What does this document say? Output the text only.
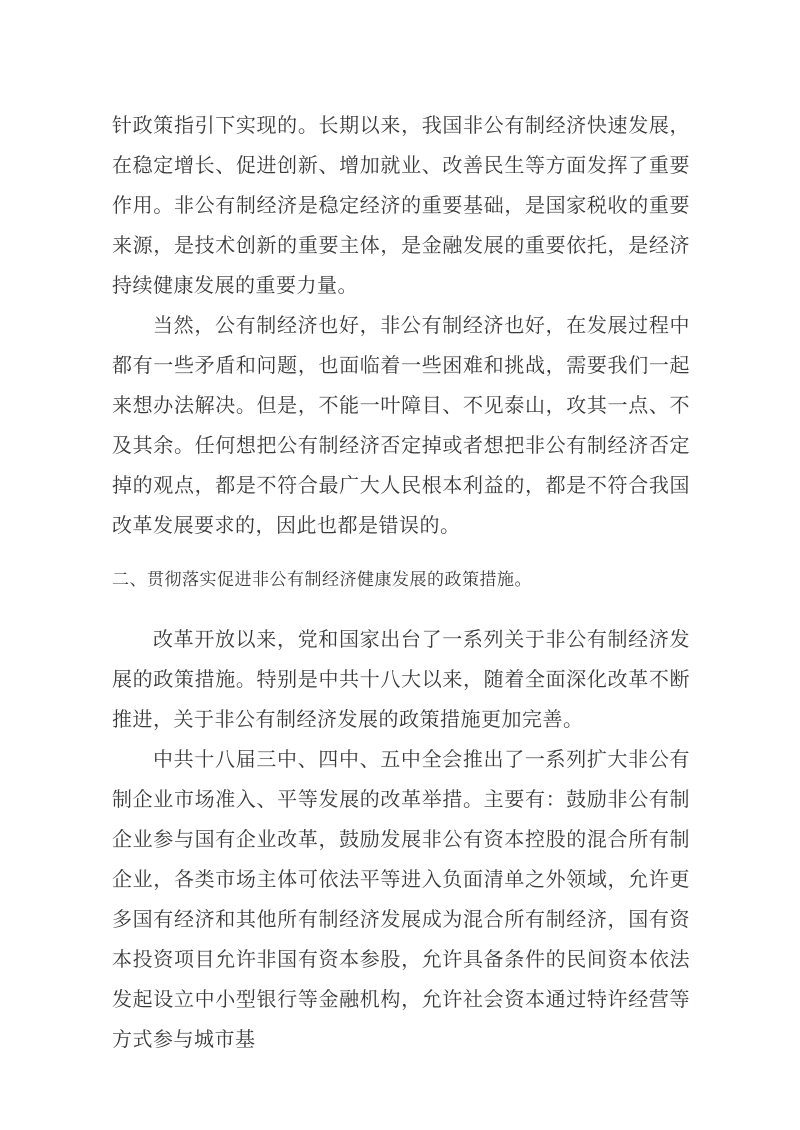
针政策指引下实现的。长期以来，我国非公有制经济快速发展，在稳定增长、促进创新、增加就业、改善民生等方面发挥了重要作用。非公有制经济是稳定经济的重要基础，是国家税收的重要来源，是技术创新的重要主体，是金融发展的重要依托，是经济持续健康发展的重要力量。

当然，公有制经济也好，非公有制经济也好，在发展过程中都有一些矛盾和问题，也面临着一些困难和挑战，需要我们一起来想办法解决。但是，不能一叶障目、不见泰山，攻其一点、不及其余。任何想把公有制经济否定掉或者想把非公有制经济否定掉的观点，都是不符合最广大人民根本利益的，都是不符合我国改革发展要求的，因此也都是错误的。

二、贯彻落实促进非公有制经济健康发展的政策措施。

改革开放以来，党和国家出台了一系列关于非公有制经济发展的政策措施。特别是中共十八大以来，随着全面深化改革不断推进，关于非公有制经济发展的政策措施更加完善。

中共十八届三中、四中、五中全会推出了一系列扩大非公有制企业市场准入、平等发展的改革举措。主要有：鼓励非公有制企业参与国有企业改革，鼓励发展非公有资本控股的混合所有制企业，各类市场主体可依法平等进入负面清单之外领域，允许更多国有经济和其他所有制经济发展成为混合所有制经济，国有资本投资项目允许非国有资本参股，允许具备条件的民间资本依法发起设立中小型银行等金融机构，允许社会资本通过特许经营等方式参与城市基
